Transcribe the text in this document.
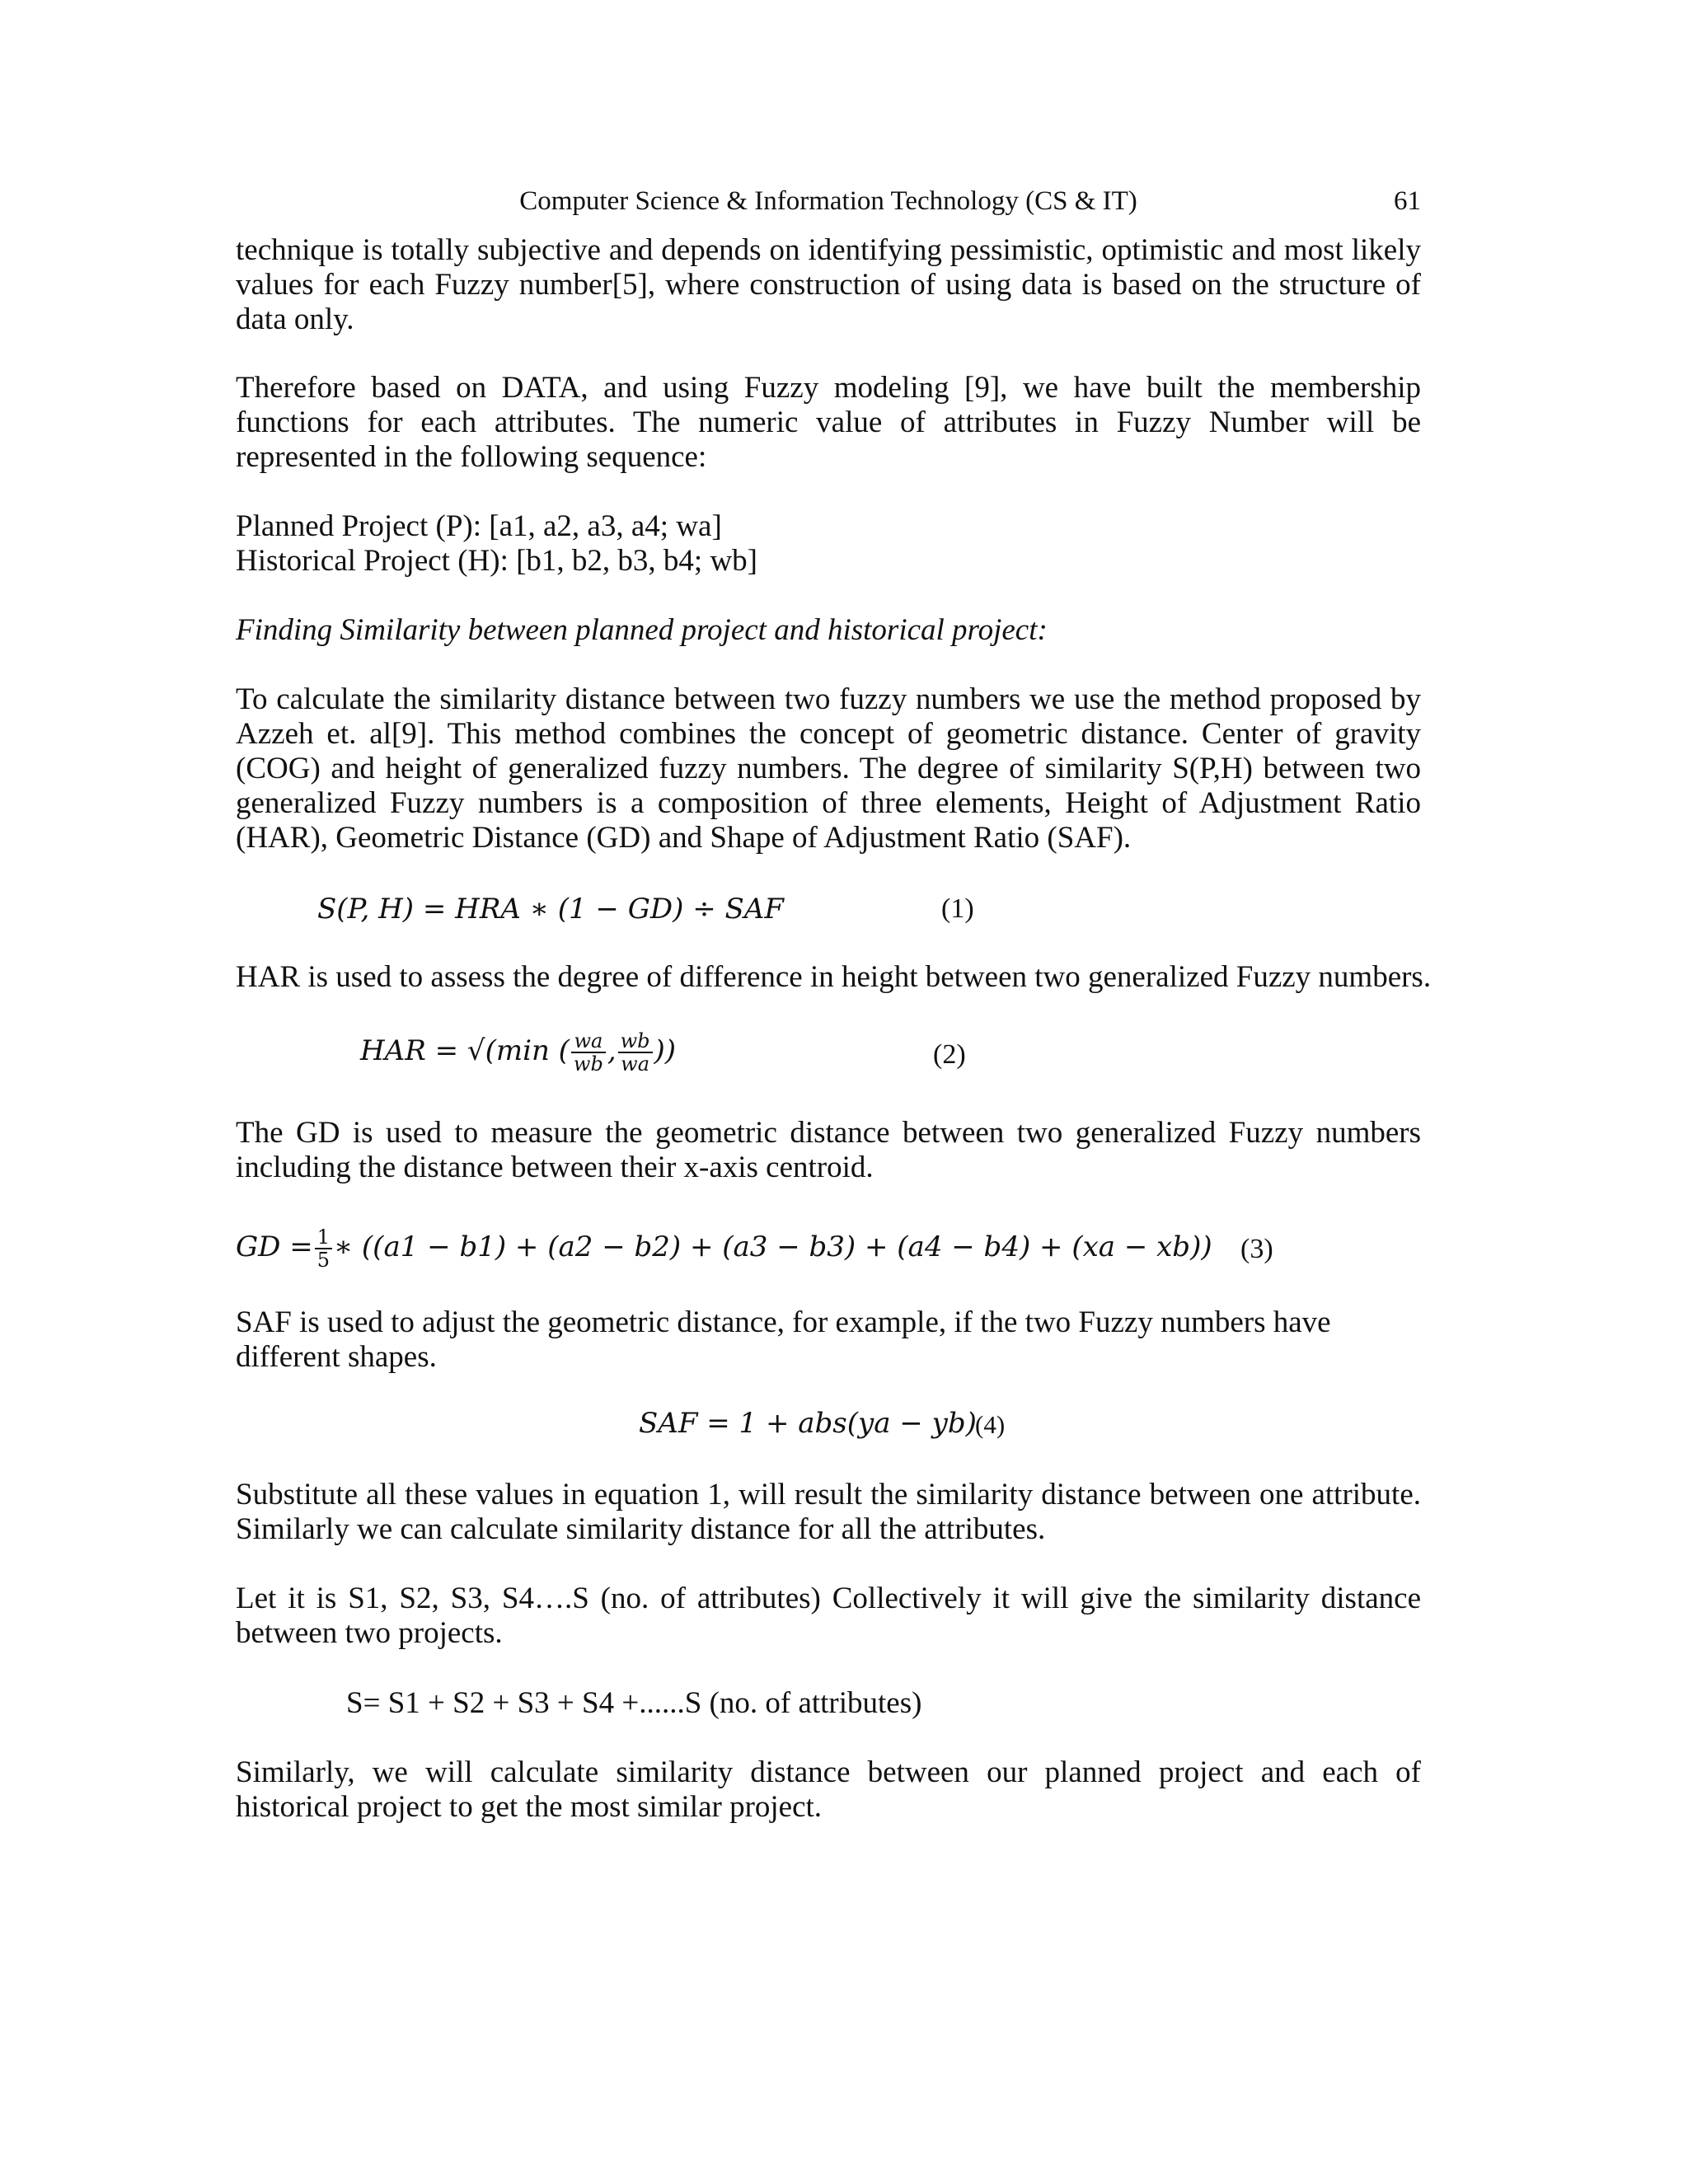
Computer Science & Information Technology (CS & IT)	61
technique is totally subjective and depends on identifying pessimistic, optimistic and most likely values for each Fuzzy number[5], where construction of using data is based on the structure of data only.
Therefore based on DATA, and using Fuzzy modeling [9], we have built the membership functions for each attributes. The numeric value of attributes in Fuzzy Number will be represented in the following sequence:
Planned Project (P): [a1, a2, a3, a4; wa]
Historical Project (H): [b1, b2, b3, b4; wb]
Finding Similarity between planned project and historical project:
To calculate the similarity distance between two fuzzy numbers we use the method proposed by Azzeh et. al[9]. This method combines the concept of geometric distance. Center of gravity (COG) and height of generalized fuzzy numbers. The degree of similarity S(P,H) between two generalized Fuzzy numbers is a composition of three elements, Height of Adjustment Ratio (HAR), Geometric Distance (GD) and Shape of Adjustment Ratio (SAF).
S(P, H) = HRA ∗ (1 − GD) ÷ SAF	(1)
HAR is used to assess the degree of difference in height between two generalized Fuzzy numbers.
HAR = √(min ( $\frac{wa}{wb}$ , $\frac{wb}{wa}$ ))	(2)
The GD is used to measure the geometric distance between two generalized Fuzzy numbers including the distance between their x-axis centroid.
GD = $\frac{1}{5}$ ∗ ((a1 − b1) + (a2 − b2) + (a3 − b3) + (a4 − b4) + (xa − xb)) (3)
SAF is used to adjust the geometric distance, for example, if the two Fuzzy numbers have different shapes.
SAF = 1 + abs(ya − yb)
(4)
Substitute all these values in equation 1, will result the similarity distance between one attribute. Similarly we can calculate similarity distance for all the attributes.
Let it is S1, S2, S3, S4….S (no. of attributes) Collectively it will give the similarity distance between two projects.
S= S1 + S2 + S3 + S4 +......S (no. of attributes)
Similarly, we will calculate similarity distance between our planned project and each of historical project to get the most similar project.
